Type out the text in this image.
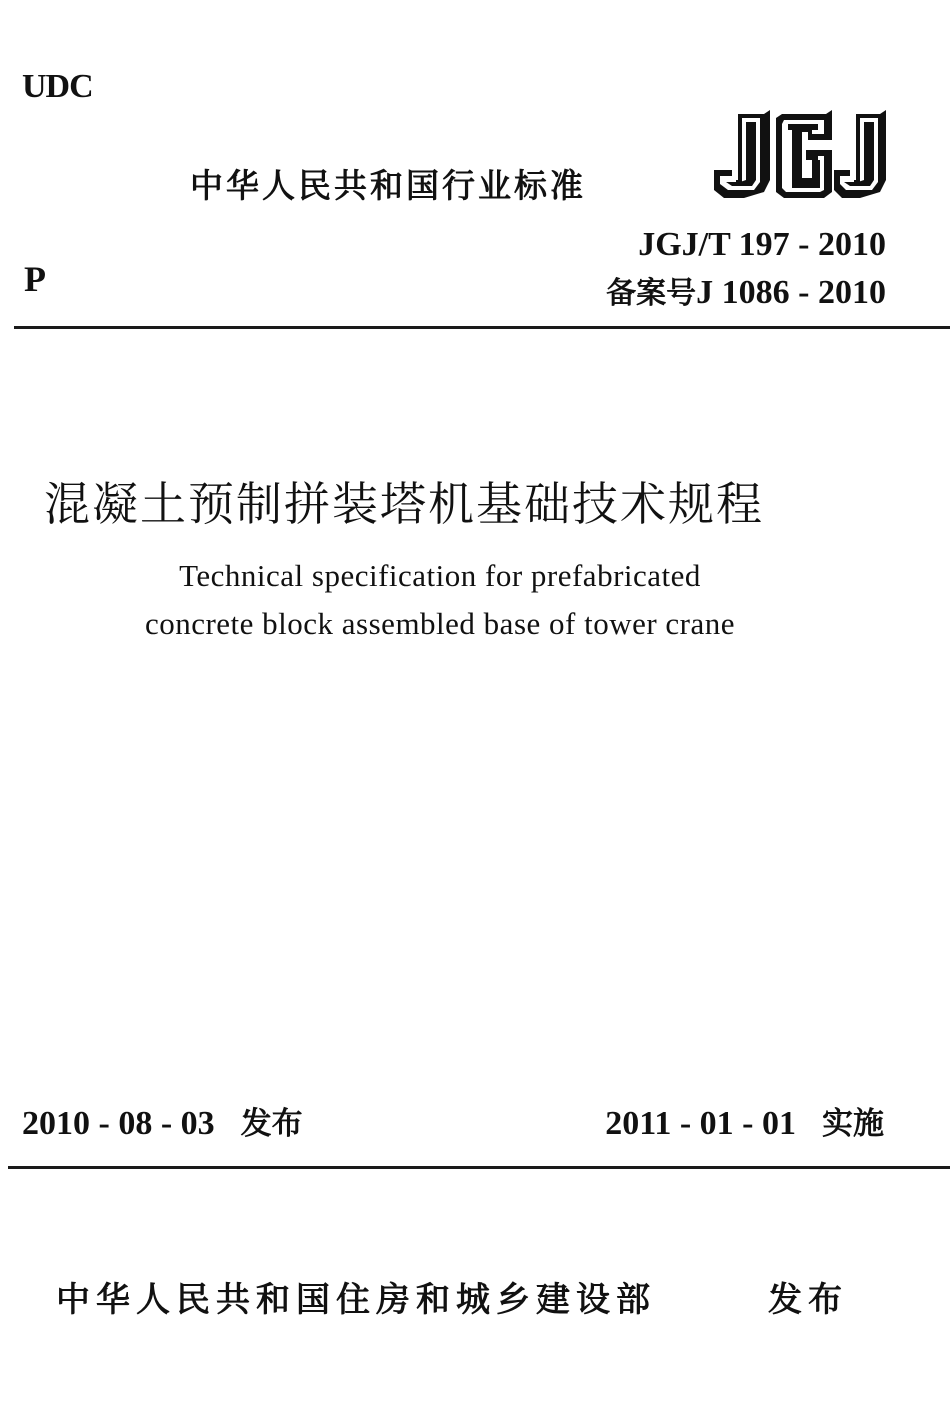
UDC
中华人民共和国行业标准
P
JGJ/T 197 - 2010
备案号J 1086 - 2010
混凝土预制拼装塔机基础技术规程
Technical specification for prefabricated
concrete block assembled base of tower crane
2010 - 08 - 03 发布	2011 - 01 - 01 实施
中华人民共和国住房和城乡建设部	发布
